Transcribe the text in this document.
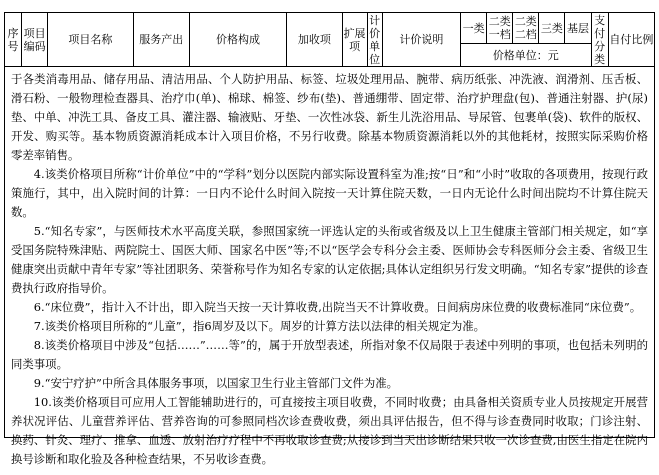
序号	项目编码	项目名称	服务产出	价格构成	加收项	扩展项	计价单位	计价说明	一类	二类一档	二类二档	三类	基层	支付分类	自付比例
价格单位：元

于各类消毒用品、储存用品、清洁用品、个人防护用品、标签、垃圾处理用品、腕带、病历纸张、冲洗液、润滑剂、压舌板、滑石粉、一般物理检查器具、治疗巾(单)、棉球、棉签、纱布(垫)、普通绷带、固定带、治疗护理盘(包)、普通注射器、护(尿)垫、中单、冲洗工具、备皮工具、灌注器、输液贴、牙垫、一次性冰袋、新生儿洗浴用品、导尿管、包裹单(袋)、软件的版权、开发、购买等。基本物质资源消耗成本计入项目价格，不另行收费。除基本物质资源消耗以外的其他耗材，按照实际采购价格零差率销售。

4.该类价格项目所称“计价单位”中的“学科”划分以医院内部实际设置科室为准;按“日”和“小时”收取的各项费用，按现行政策施行，其中，出入院时间的计算：一日内不论什么时间入院按一天计算住院天数，一日内无论什么时间出院均不计算住院天数。

5.“知名专家”，与医师技术水平高度关联，参照国家统一评选认定的头衔或省级及以上卫生健康主管部门相关规定，如“享受国务院特殊津贴、两院院士、国医大师、国家名中医”等;不以“医学会专科分会主委、医师协会专科医师分会主委、省级卫生健康突出贡献中青年专家”等社团职务、荣誉称号作为知名专家的认定依据;具体认定组织另行发文明确。“知名专家”提供的诊查费执行政府指导价。

6.“床位费”，指计入不计出，即入院当天按一天计算收费,出院当天不计算收费。日间病房床位费的收费标准同“床位费”。

7.该类价格项目所称的“儿童”，指6周岁及以下。周岁的计算方法以法律的相关规定为准。

8.该类价格项目中涉及“包括……”……等”的，属于开放型表述，所指对象不仅局限于表述中列明的事项，也包括未列明的同类事项。

9.“安宁疗护”中所含具体服务事项，以国家卫生行业主管部门文件为准。

10.该类价格项目可应用人工智能辅助进行的，可直接按主项目收费，不同时收费；由具备相关资质专业人员按规定开展营养状况评估、儿童营养评估、营养咨询的可参照同档次诊查费收费，须出具评估报告，但不得与诊查费同时收取；门诊注射、换药、针灸、理疗、推拿、血透、放射治疗疗程中不再收取诊查费;从接诊到当天出诊断结果只收一次诊查费,由医生指定在院内换号诊断和取化验及各种检查结果，不另收诊查费。
